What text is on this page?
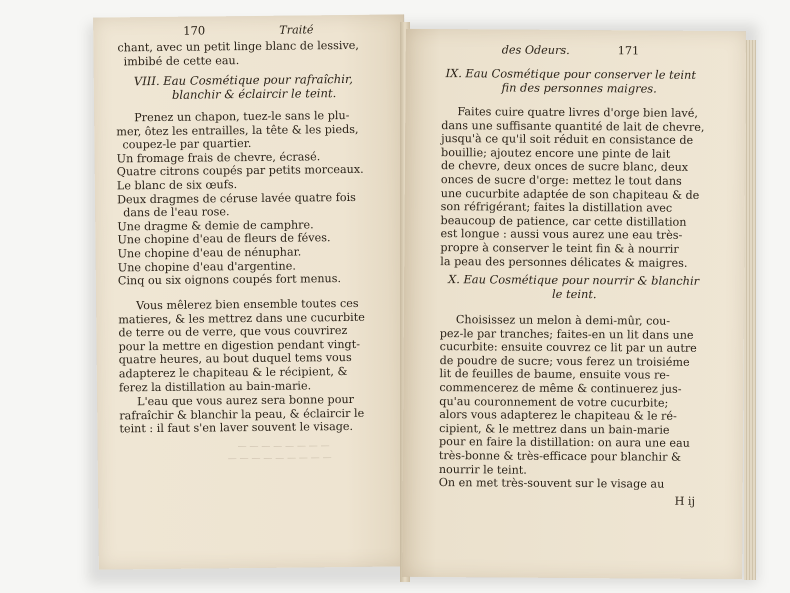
170	Traité

chant, avec un petit linge blanc de lessive,

imbibé de cette eau.

VIII. Eau Cosmétique pour rafraîchir,

blanchir & éclaircir le teint.

Prenez un chapon, tuez-le sans le plu-

mer, ôtez les entrailles, la tête & les pieds,

coupez-le par quartier.

Un fromage frais de chevre, écrasé.

Quatre citrons coupés par petits morceaux.

Le blanc de six œufs.

Deux dragmes de céruse lavée quatre fois

dans de l'eau rose.

Une dragme & demie de camphre.

Une chopine d'eau de fleurs de féves.

Une chopine d'eau de nénuphar.

Une chopine d'eau d'argentine.

Cinq ou six oignons coupés fort menus.

Vous mêlerez bien ensemble toutes ces

matieres, & les mettrez dans une cucurbite

de terre ou de verre, que vous couvrirez

pour la mettre en digestion pendant vingt-

quatre heures, au bout duquel tems vous

adapterez le chapiteau & le récipient, &

ferez la distillation au bain-marie.

L'eau que vous aurez sera bonne pour

rafraîchir & blanchir la peau, & éclaircir le

teint : il faut s'en laver souvent le visage.

— — — — — — — —
— — — — — — — — —
des Odeurs.	171

IX. Eau Cosmétique pour conserver le teint

fin des personnes maigres.

Faites cuire quatre livres d'orge bien lavé,

dans une suffisante quantité de lait de chevre,

jusqu'à ce qu'il soit réduit en consistance de

bouillie; ajoutez encore une pinte de lait

de chevre, deux onces de sucre blanc, deux

onces de sucre d'orge: mettez le tout dans

une cucurbite adaptée de son chapiteau & de

son réfrigérant; faites la distillation avec

beaucoup de patience, car cette distillation

est longue : aussi vous aurez une eau très-

propre à conserver le teint fin & à nourrir

la peau des personnes délicates & maigres.

X. Eau Cosmétique pour nourrir & blanchir

le teint.

Choisissez un melon à demi-mûr, cou-

pez-le par tranches; faites-en un lit dans une

cucurbite: ensuite couvrez ce lit par un autre

de poudre de sucre; vous ferez un troisiéme

lit de feuilles de baume, ensuite vous re-

commencerez de même & continuerez jus-

qu'au couronnement de votre cucurbite;

alors vous adapterez le chapiteau & le ré-

cipient, & le mettrez dans un bain-marie

pour en faire la distillation: on aura une eau

très-bonne & très-efficace pour blanchir &

nourrir le teint.

On en met très-souvent sur le visage au

H ij
